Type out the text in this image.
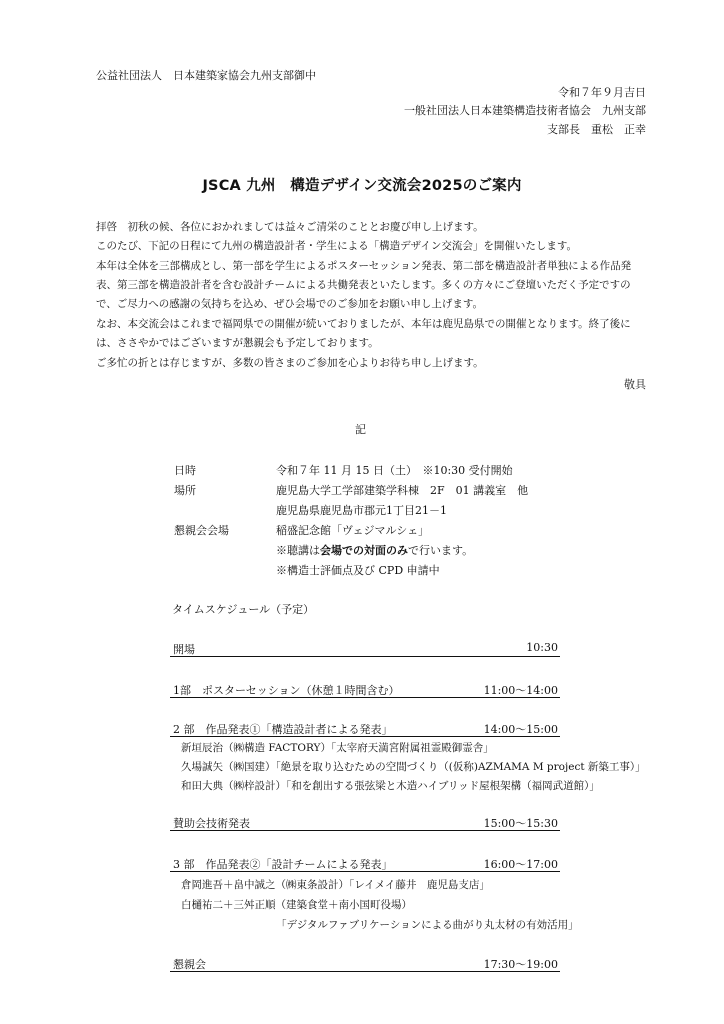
公益社団法人　日本建築家協会九州支部御中
令和７年９月吉日
一般社団法人日本建築構造技術者協会　九州支部
支部長　重松　正幸
JSCA 九州　構造デザイン交流会2025のご案内
拝啓　初秋の候、各位におかれましては益々ご清栄のこととお慶び申し上げます。
このたび、下記の日程にて九州の構造設計者・学生による「構造デザイン交流会」を開催いたします。
本年は全体を三部構成とし、第一部を学生によるポスターセッション発表、第二部を構造設計者単独による作品発
表、第三部を構造設計者を含む設計チームによる共働発表といたします。多くの方々にご登壇いただく予定ですの
で、ご尽力への感謝の気持ちを込め、ぜひ会場でのご参加をお願い申し上げます。
なお、本交流会はこれまで福岡県での開催が続いておりましたが、本年は鹿児島県での開催となります。終了後に
は、ささやかではございますが懇親会も予定しております。
ご多忙の折とは存じますが、多数の皆さまのご参加を心よりお待ち申し上げます。
敬具
記
日時	令和７年 11 月 15 日（土）　※10:30 受付開始
場所	鹿児島大学工学部建築学科棟　2F　01 講義室　他
鹿児島県鹿児島市郡元1丁目21－1
懇親会会場	稲盛記念館「ヴェジマルシェ」
※聴講は会場での対面のみで行います。
※構造士評価点及び CPD 申請中
タイムスケジュール（予定）
開場	10:30
1部　ポスターセッション（休憩１時間含む）	11:00～14:00
2 部　作品発表①「構造設計者による発表」	14:00～15:00
新垣辰治（㈱構造 FACTORY）「太宰府天満宮附属祖霊殿御霊舎」
久場誠矢（㈱国建）「絶景を取り込むための空間づくり（(仮称)AZMAMA M project 新築工事）」
和田大典（㈱梓設計）「和を創出する張弦梁と木造ハイブリッド屋根架構（福岡武道館）」
賛助会技術発表	15:00～15:30
3 部　作品発表②「設計チームによる発表」	16:00～17:00
倉岡進吾＋畠中誠之（㈱東条設計）「レイメイ藤井　鹿児島支店」
白樋祐二＋三舛正順（建築食堂＋南小国町役場）
「デジタルファブリケーションによる曲がり丸太材の有効活用」
懇親会	17:30～19:00
